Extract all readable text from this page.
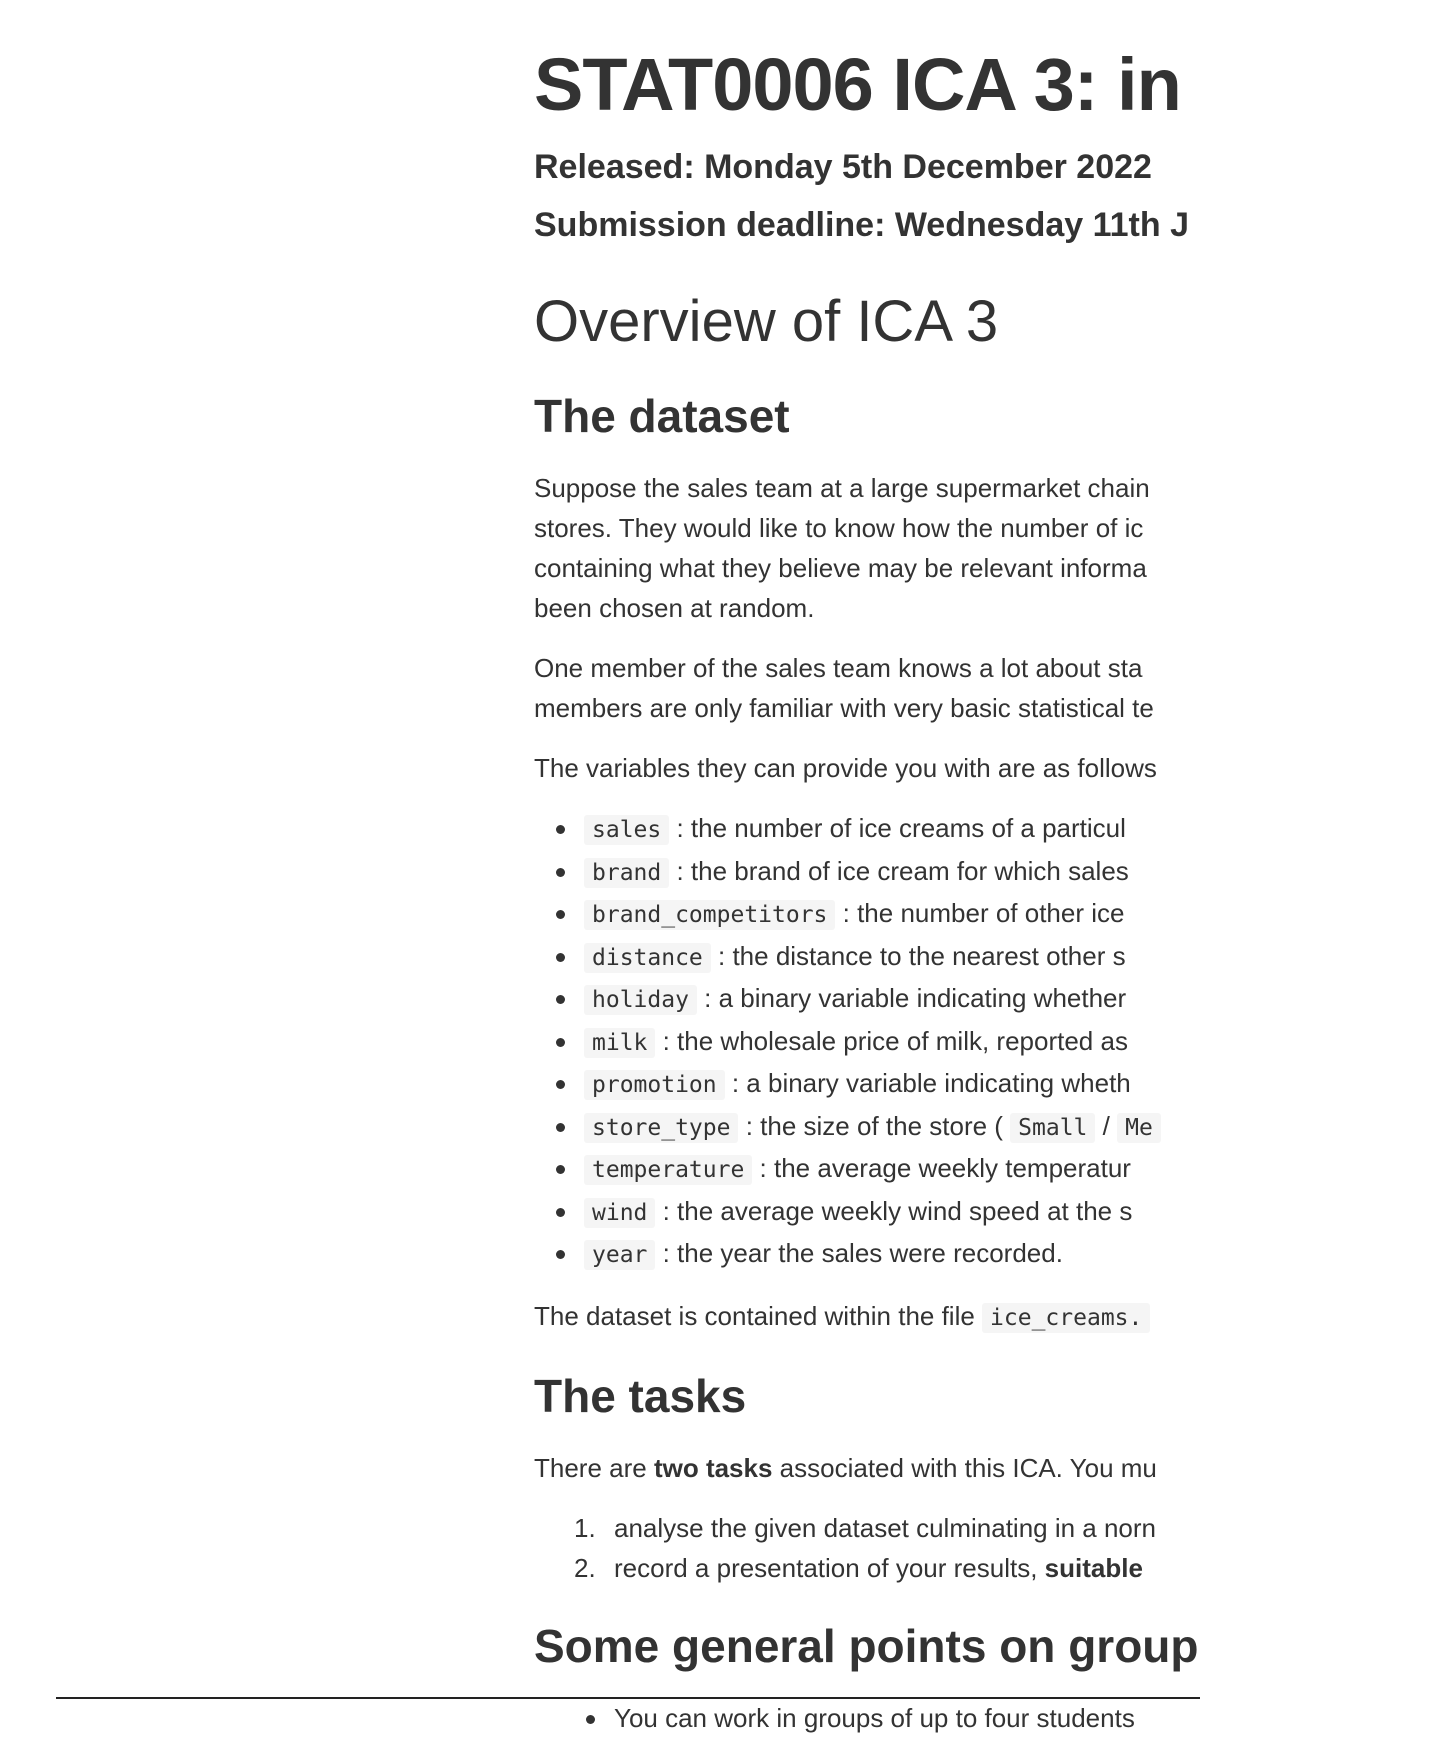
STAT0006 ICA 3: in
Released: Monday 5th December 2022
Submission deadline: Wednesday 11th J
Overview of ICA 3
The dataset

Suppose the sales team at a large supermarket chain
stores. They would like to know how the number of ic
containing what they believe may be relevant informa
been chosen at random.

One member of the sales team knows a lot about sta
members are only familiar with very basic statistical te

The variables they can provide you with are as follows

sales : the number of ice creams of a particul
brand : the brand of ice cream for which sales
brand_competitors : the number of other ice
distance : the distance to the nearest other s
holiday : a binary variable indicating whether
milk : the wholesale price of milk, reported as
promotion : a binary variable indicating wheth
store_type : the size of the store ( Small / Me
temperature : the average weekly temperatur
wind : the average weekly wind speed at the s
year : the year the sales were recorded.

The dataset is contained within the file ice_creams.

The tasks

There are two tasks associated with this ICA. You mu

1. analyse the given dataset culminating in a norn
2. record a presentation of your results, suitable
Some general points on group
You can work in groups of up to four students
